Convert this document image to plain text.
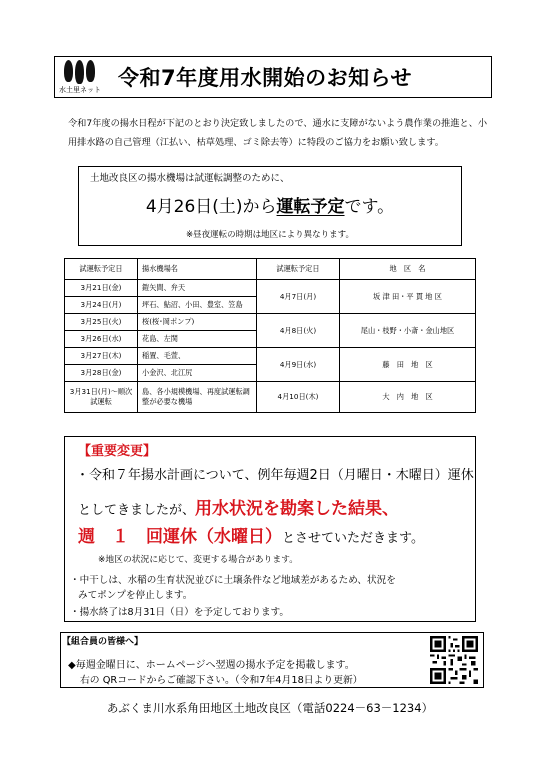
水土里ネット 令和7年度用水開始のお知らせ
令和7年度の揚水日程が下記のとおり決定致しましたので、通水に支障がないよう農作業の推進と、小用排水路の自己管理（江払い、枯草処理、ゴミ除去等）に特段のご協力をお願い致します。
土地改良区の揚水機場は試運転調整のために、
4月26日(土)から運転予定です。
※昼夜運転の時期は地区により異なります。
試運転予定日	揚水機場名	試運転予定日	地　区　名
3月21日(金)	鎧矢間、弁天	4月7日(月)	坂 津 田・平 貫 地 区
3月24日(月)	坪石、鮎沼、小田、豊室、笠島		
3月25日(火)	桜(桜･岡ポンプ)	4月8日(火)	尾山・枝野・小斎・金山地区
3月26日(水)	花島、左関		
3月27日(木)	稲置、毛萱、	4月9日(水)	藤　田　地　区
3月28日(金)	小金沢、北江尻		
3月31日(月)～順次試運転	島、各小規模機場、再度試運転調整が必要な機場	4月10日(木)	大　内　地　区
【重要変更】
・令和７年揚水計画について、例年毎週2日（月曜日・木曜日）運休
としてきましたが、用水状況を勘案した結果、
週　１　回運休（水曜日）とさせていただきます。
※地区の状況に応じて、変更する場合があります。
・中干しは、水稲の生育状況並びに土壌条件など地域差があるため、状況を
みてポンプを停止します。
・揚水終了は8月31日（日）を予定しております。
【組合員の皆様へ】
◆毎週金曜日に、ホームページへ翌週の揚水予定を掲載します。
右の QRコードからご確認下さい。（令和7年4月18日より更新）
あぶくま川水系角田地区土地改良区（電話0224－63－1234）
